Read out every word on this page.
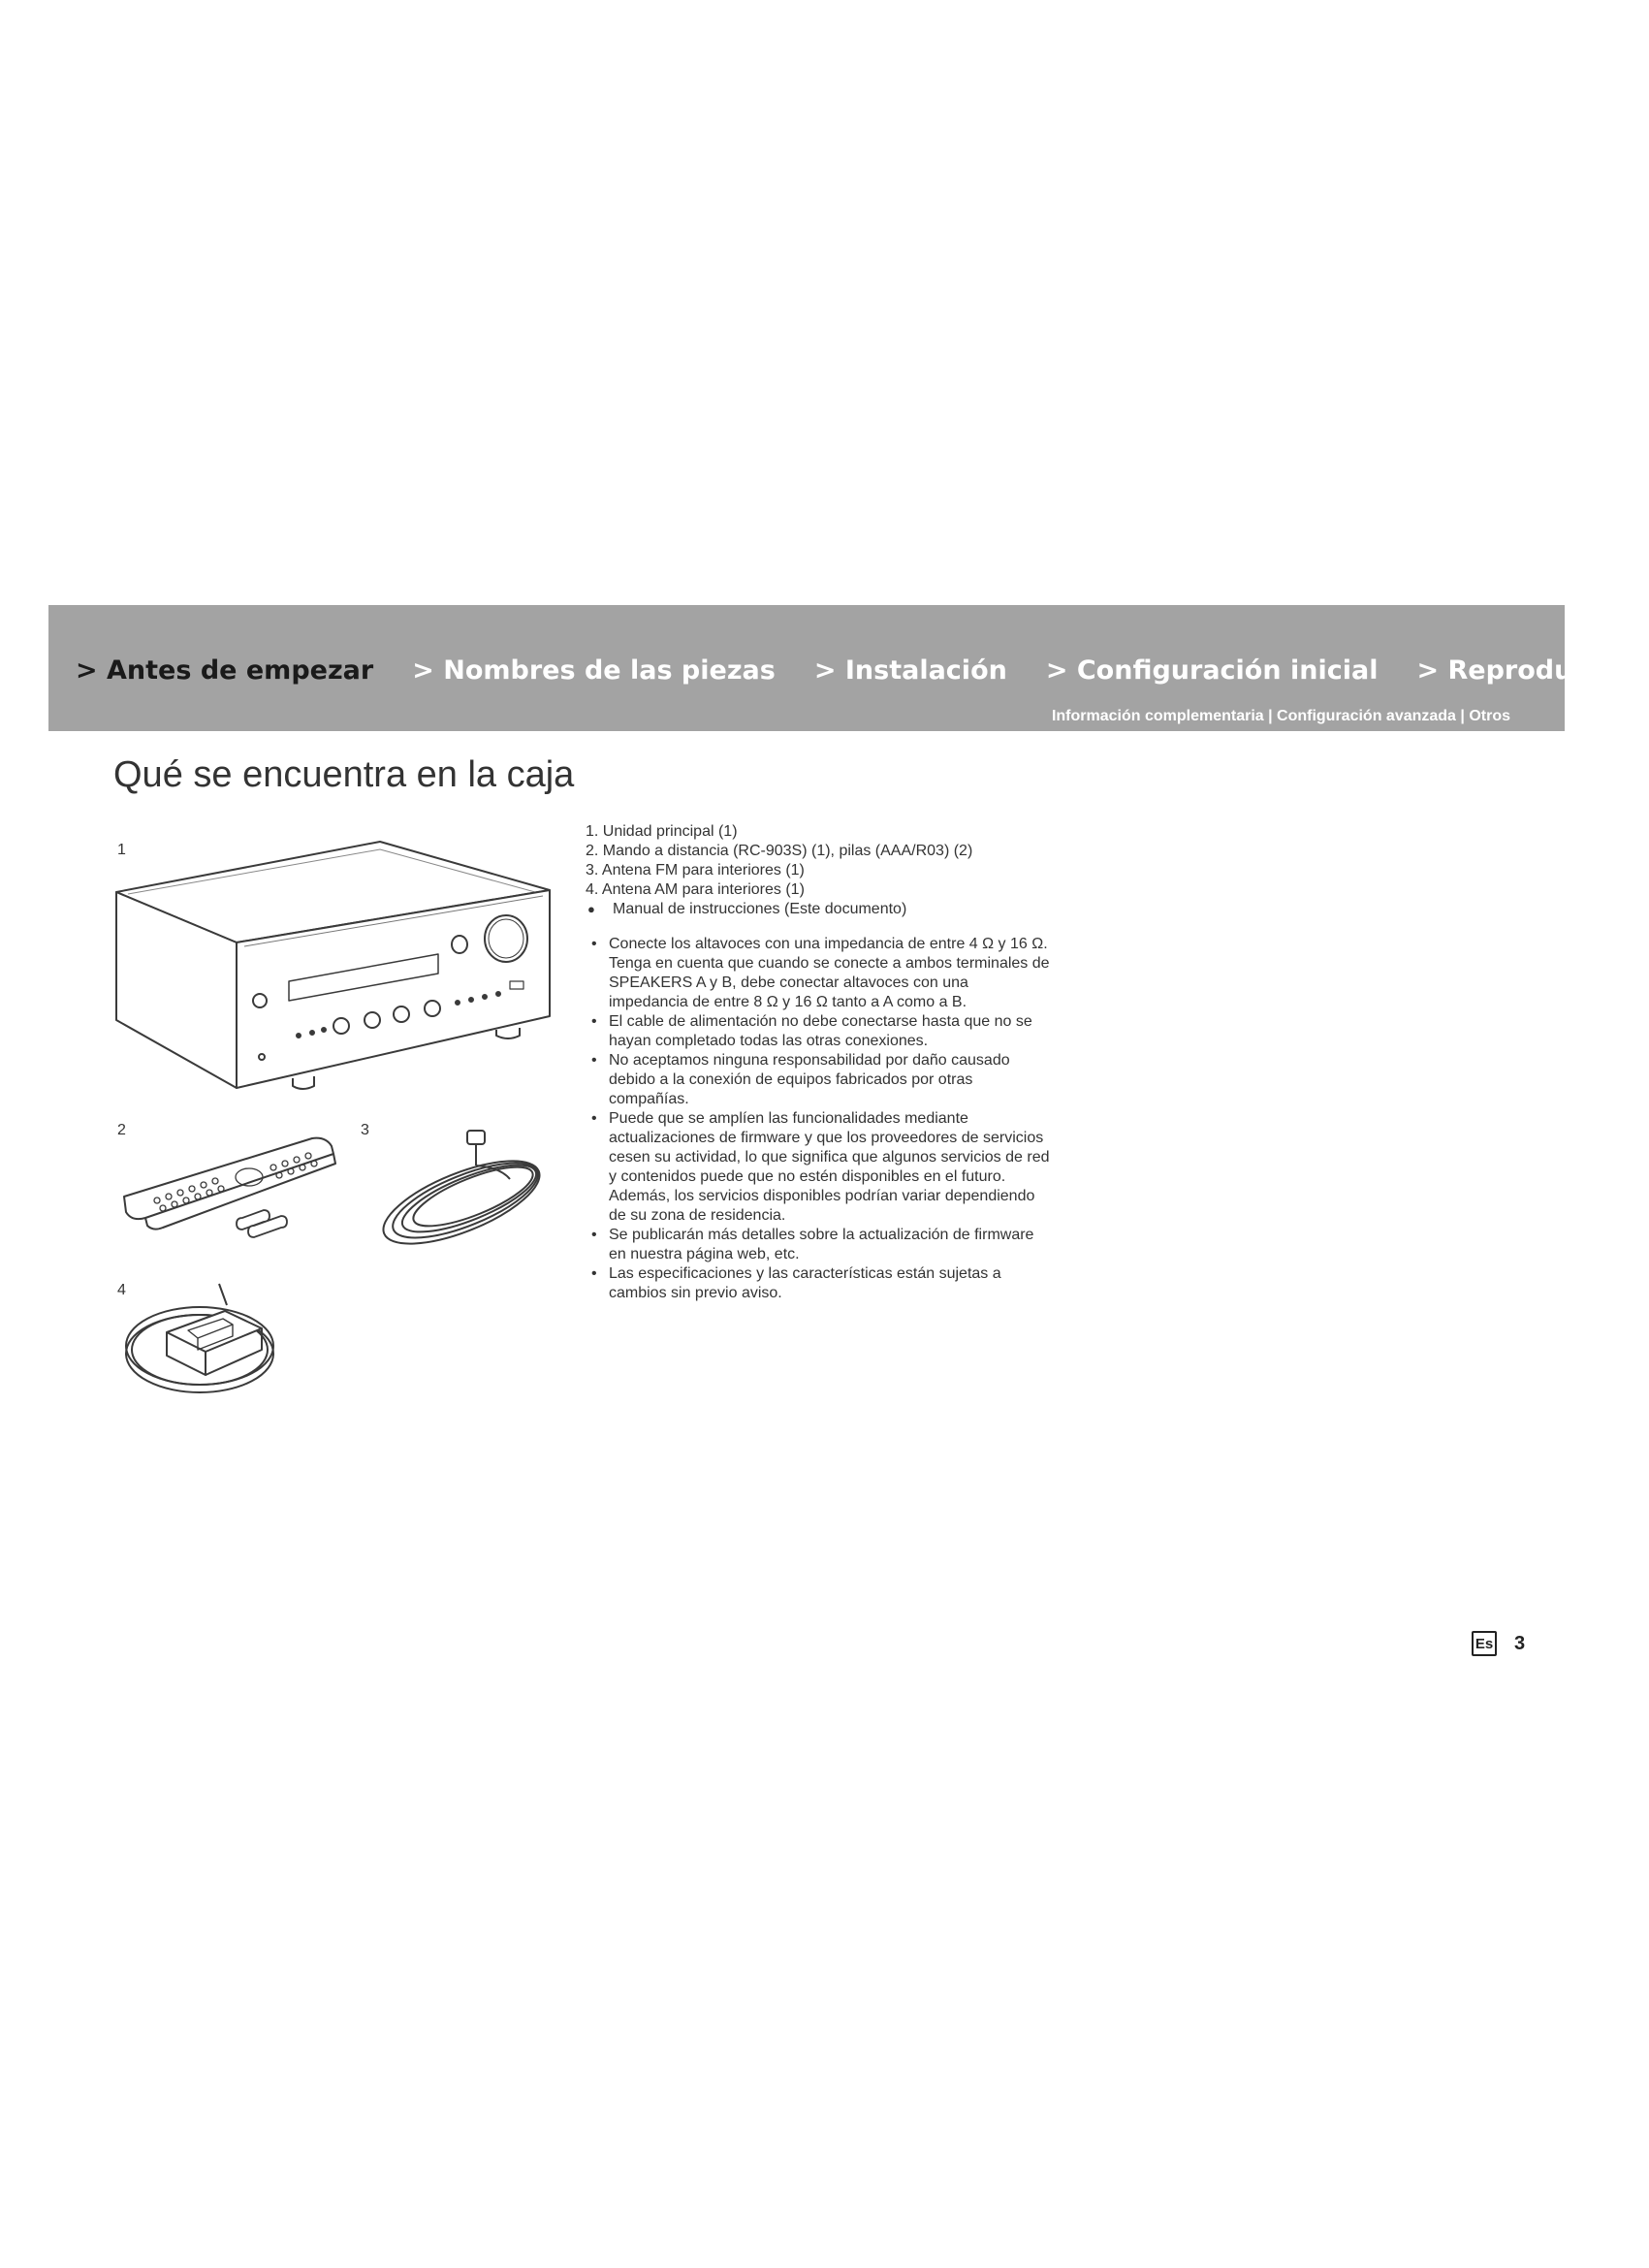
> Antes de empezar > Nombres de las piezas > Instalación > Configuración inicial > Reproducción
Información complementaria | Configuración avanzada | Otros
Qué se encuentra en la caja
1
2	3
4
1. Unidad principal (1)
2. Mando a distancia (RC-903S) (1), pilas (AAA/R03) (2)
3. Antena FM para interiores (1)
4. Antena AM para interiores (1)
● Manual de instrucciones (Este documento)

• Conecte los altavoces con una impedancia de entre 4 Ω y 16 Ω. Tenga en cuenta que cuando se conecte a ambos terminales de SPEAKERS A y B, debe conectar altavoces con una impedancia de entre 8 Ω y 16 Ω tanto a A como a B.

• El cable de alimentación no debe conectarse hasta que no se hayan completado todas las otras conexiones.

• No aceptamos ninguna responsabilidad por daño causado debido a la conexión de equipos fabricados por otras compañías.

• Puede que se amplíen las funcionalidades mediante actualizaciones de firmware y que los proveedores de servicios cesen su actividad, lo que significa que algunos servicios de red y contenidos puede que no estén disponibles en el futuro. Además, los servicios disponibles podrían variar dependiendo de su zona de residencia.

• Se publicarán más detalles sobre la actualización de firmware en nuestra página web, etc.

• Las especificaciones y las características están sujetas a cambios sin previo aviso.

Es 3
